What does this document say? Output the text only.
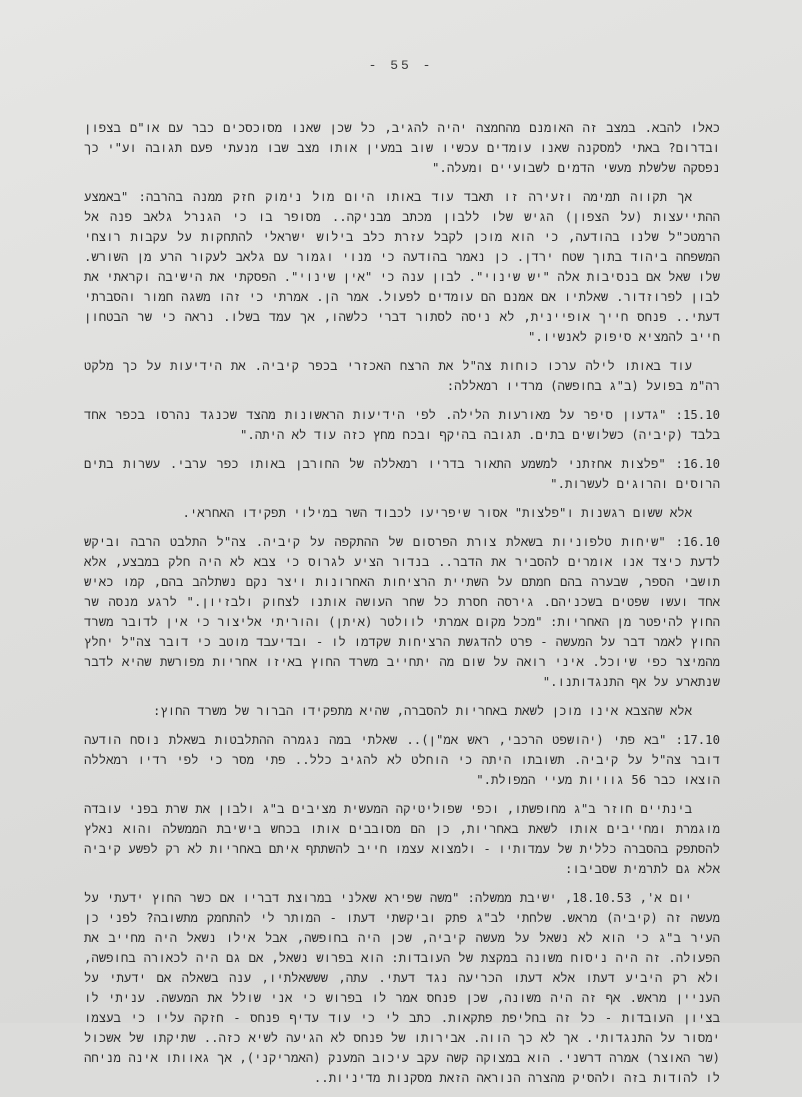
- 55 -

כאלו להבא. במצב זה האומנם מהחמצה יהיה להגיב, כל שכן שאנו מסוכסכים כבר עם או"ם בצפון ובדרום? באתי למסקנה שאנו עומדים עכשיו שוב במעין אותו מצב שבו מנעתי פעם תגובה וע"י כך נפסקה שלשלת מעשי הדמים לשבועיים ומעלה."

אך תקווה תמימה וזעירה זו תאבד עוד באותו היום מול נימוק חזק ממנה בהרבה: "באמצע ההתייעצות (על הצפון) הגיש שלו ללבון מכתב מבניקה.. מסופר בו כי הגנרל גלאב פנה אל הרמטכ"ל שלנו בהודעה, כי הוא מוכן לקבל עזרת כלב בילוש ישראלי להתחקות על עקבות רוצחי המשפחה ביהוד בתוך שטח ירדן. כן נאמר בהודעה כי מנוי וגמור עם גלאב לעקור הרע מן השורש. שלו שאל אם בנסיבות אלה "יש שינוי". לבון ענה כי "אין שינוי". הפסקתי את הישיבה וקראתי את לבון לפרוזדור. שאלתיו אם אמנם הם עומדים לפעול. אמר הן. אמרתי כי זהו משגה חמור והסברתי דעתי.. פנחס חייך אופיינית, לא ניסה לסתור דברי כלשהו, אך עמד בשלו. נראה כי שר הבטחון חייב להמציא סיפוק לאנשיו."

עוד באותו לילה ערכו כוחות צה"ל את הרצח האכזרי בכפר קיביה. את הידיעות על כך מלקט רה"מ בפועל (ב"ג בחופשה) מרדיו רמאללה:

15.10: "גדעון סיפר על מאורעות הלילה. לפי הידיעות הראשונות מהצד שכנגד נהרסו בכפר אחד בלבד (קיביה) כשלושים בתים. תגובה בהיקף ובכח מחץ כזה עוד לא היתה."

16.10: "פלצות אחזתני למשמע התאור בדריו רמאללה של החורבן באותו כפר ערבי. עשרות בתים הרוסים והרוגים לעשרות."

אלא ששום רגשנות ו"פלצות" אסור שיפריעו לכבוד השר במילוי תפקידו האחראי.

16.10: "שיחות טלפוניות בשאלת צורת הפרסום של ההתקפה על קיביה. צה"ל התלבט הרבה וביקש לדעת כיצד אנו אומרים להסביר את הדבר.. בנדור הציע לגרוס כי צבא לא היה חלק במבצע, אלא תושבי הספר, שבערה בהם חמתם על השתיית הרציחות האחרונות ויצר נקם נשתלהב בהם, קמו כאיש אחד ועשו שפטים בשכניהם. גירסה חסרת כל שחר העושה אותנו לצחוק ולבזיון." לרגע מנסה שר החוץ להיפטר מן האחריות: "מכל מקום אמרתי לוולטר (איתן) והוריתי אליצור כי אין לדובר משרד החוץ לאמר דבר על המעשה - פרט להדגשת הרציחות שקדמו לו - ובדיעבד מוטב כי דובר צה"ל יחלץ מהמיצר כפי שיוכל. איני רואה על שום מה יתחייב משרד החוץ באיזו אחריות מפורשת שהיא לדבר שנתארע על אף התנגדותנו."

אלא שהצבא אינו מוכן לשאת באחריות להסברה, שהיא מתפקידו הברור של משרד החוץ:

17.10: "בא פתי (יהושפט הרכבי, ראש אמ"ן).. שאלתי במה נגמרה ההתלבטות בשאלת נוסח הודעה דובר צה"ל על קיביה. תשובתו היתה כי הוחלט לא להגיב כלל.. פתי מסר כי לפי רדיו רמאללה הוצאו כבר 56 גוויות מעיי המפולת."

בינתיים חוזר ב"ג מחופשתו, וכפי שפוליטיקה המעשית מציבים ב"ג ולבון את שרת בפני עובדה מוגמרת ומחייבים אותו לשאת באחריות, כן הם מסובבים אותו בכחש בישיבת הממשלה והוא נאלץ להסתפק בהסברה כללית של עמדותיו - ולמצוא עצמו חייב להשתתף איתם באחריות לא רק לפשע קיביה אלא גם לתרמית שסביבו:

יום א', 18.10.53, ישיבת ממשלה: "משה שפירא שאלני במרוצת דבריו אם כשר החוץ ידעתי על מעשה זה (קיביה) מראש. שלחתי לב"ג פתק וביקשתי דעתו - המותר לי להתחמק מתשובה? לפני כן העיר ב"ג כי הוא לא נשאל על מעשה קיביה, שכן היה בחופשה, אבל אילו נשאל היה מחייב את הפעולה. זה היה ניסוח משונה במקצת של העובדות: הוא בפרוש נשאל, אם גם היה לכאורה בחופשה, ולא רק היביע דעתו אלא דעתו הכריעה נגד דעתי. עתה, שששאלתיו, ענה בשאלה אם ידעתי על העניין מראש. אף זה היה משונה, שכן פנחס אמר לו בפרוש כי אני שולל את המעשה. עניתי לו בציון העובדות - כל זה בחליפת פתקאות. כתב לי כי עוד עדיף פנחס - חזקה עליו כי בעצמו ימסור על התנגדותי. אך לא כך הווה. אבירותו של פנחס לא הגיעה לשיא כזה.. שתיקתו של אשכול (שר האוצר) אמרה דרשני. הוא במצוקה קשה עקב עיכוב המענק (האמריקני), אך גאוותו אינה מניחה לו להודות בזה ולהסיק מהצרה הנוראה הזאת מסקנות מדיניות..
